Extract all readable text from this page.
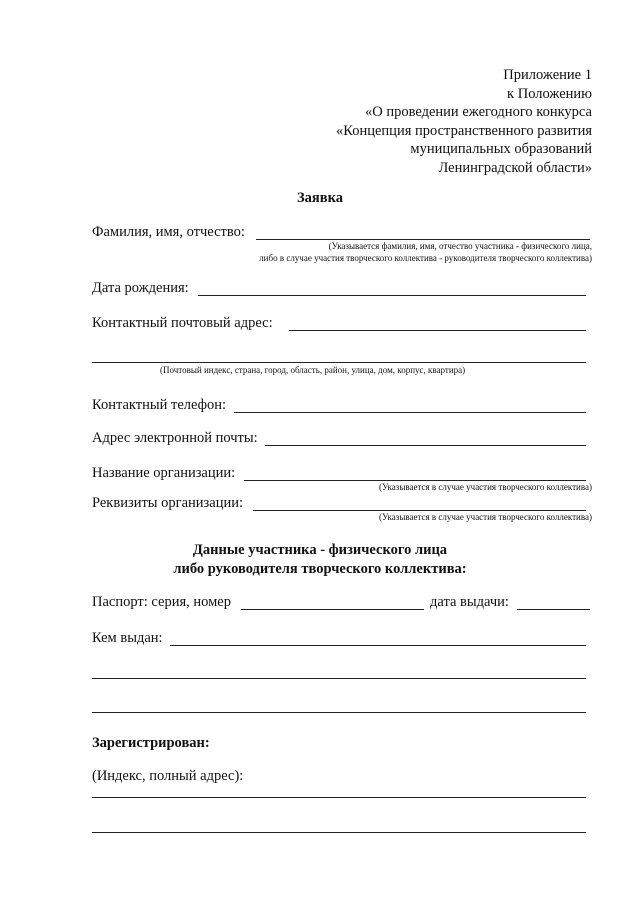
Приложение 1
к Положению
«О проведении ежегодного конкурса
«Концепция пространственного развития
муниципальных образований
Ленинградской области»
Заявка
Фамилия, имя, отчество:
(Указывается фамилия, имя, отчество участника - физического лица,
либо в случае участия творческого коллектива - руководителя творческого коллектива)
Дата рождения:
Контактный почтовый адрес:
(Почтовый индекс, страна, город, область, район, улица, дом, корпус, квартира)
Контактный телефон:
Адрес электронной почты:
Название организации:
(Указывается в случае участия творческого коллектива)
Реквизиты организации:
(Указывается в случае участия творческого коллектива)
Данные участника - физического лица
либо руководителя творческого коллектива:
Паспорт: серия, номер	дата выдачи:
Кем выдан:
Зарегистрирован:
(Индекс, полный адрес):
